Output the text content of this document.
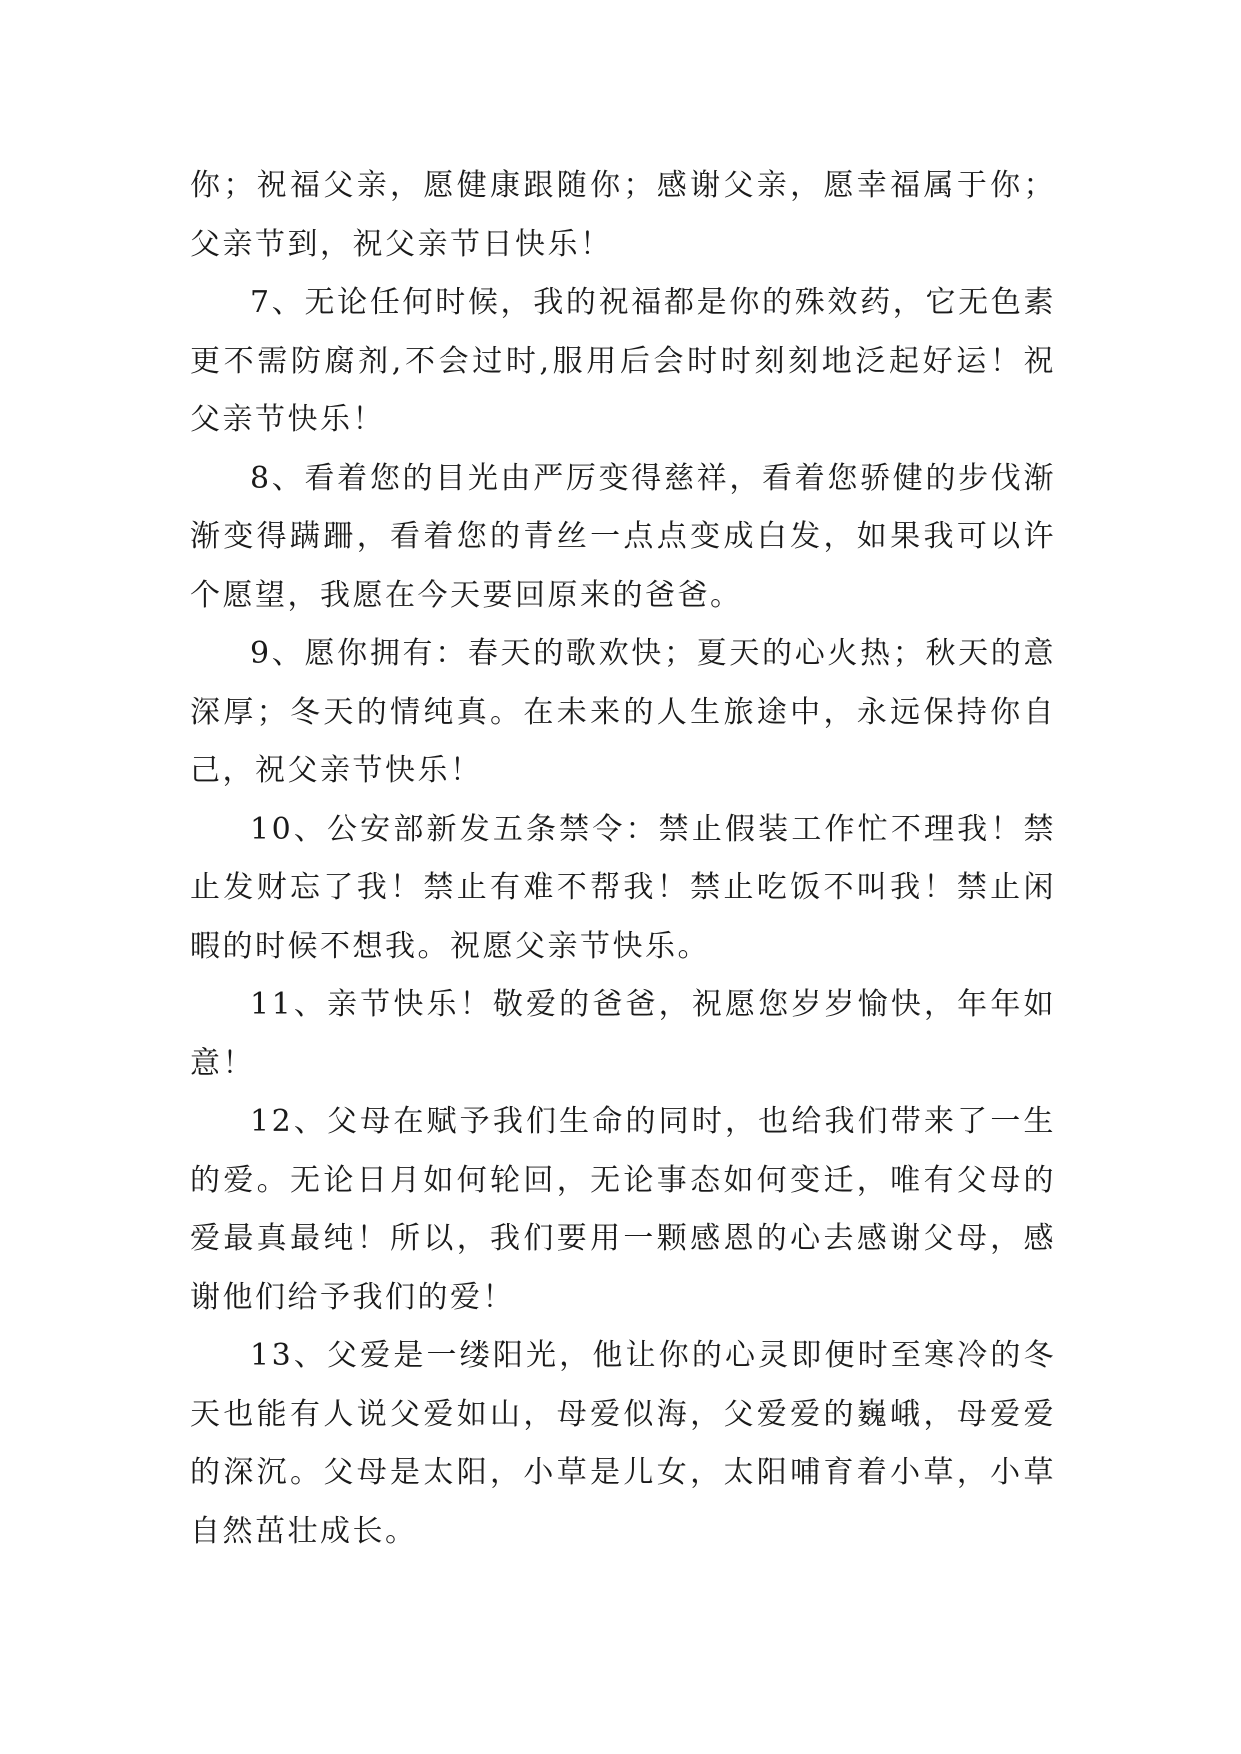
你；祝福父亲，愿健康跟随你；感谢父亲，愿幸福属于你；父亲节到，祝父亲节日快乐！

7、无论任何时候，我的祝福都是你的殊效药，它无色素更不需防腐剂,不会过时,服用后会时时刻刻地泛起好运！祝父亲节快乐！

8、看着您的目光由严厉变得慈祥，看着您骄健的步伐渐渐变得蹒跚，看着您的青丝一点点变成白发，如果我可以许个愿望，我愿在今天要回原来的爸爸。

9、愿你拥有：春天的歌欢快；夏天的心火热；秋天的意深厚；冬天的情纯真。在未来的人生旅途中，永远保持你自己，祝父亲节快乐！

10、公安部新发五条禁令：禁止假装工作忙不理我！禁止发财忘了我！禁止有难不帮我！禁止吃饭不叫我！禁止闲暇的时候不想我。祝愿父亲节快乐。

11、亲节快乐！敬爱的爸爸，祝愿您岁岁愉快，年年如意！

12、父母在赋予我们生命的同时，也给我们带来了一生的爱。无论日月如何轮回，无论事态如何变迁，唯有父母的爱最真最纯！所以，我们要用一颗感恩的心去感谢父母，感谢他们给予我们的爱！

13、父爱是一缕阳光，他让你的心灵即便时至寒冷的冬天也能有人说父爱如山，母爱似海，父爱爱的巍峨，母爱爱的深沉。父母是太阳，小草是儿女，太阳哺育着小草，小草自然茁壮成长。
